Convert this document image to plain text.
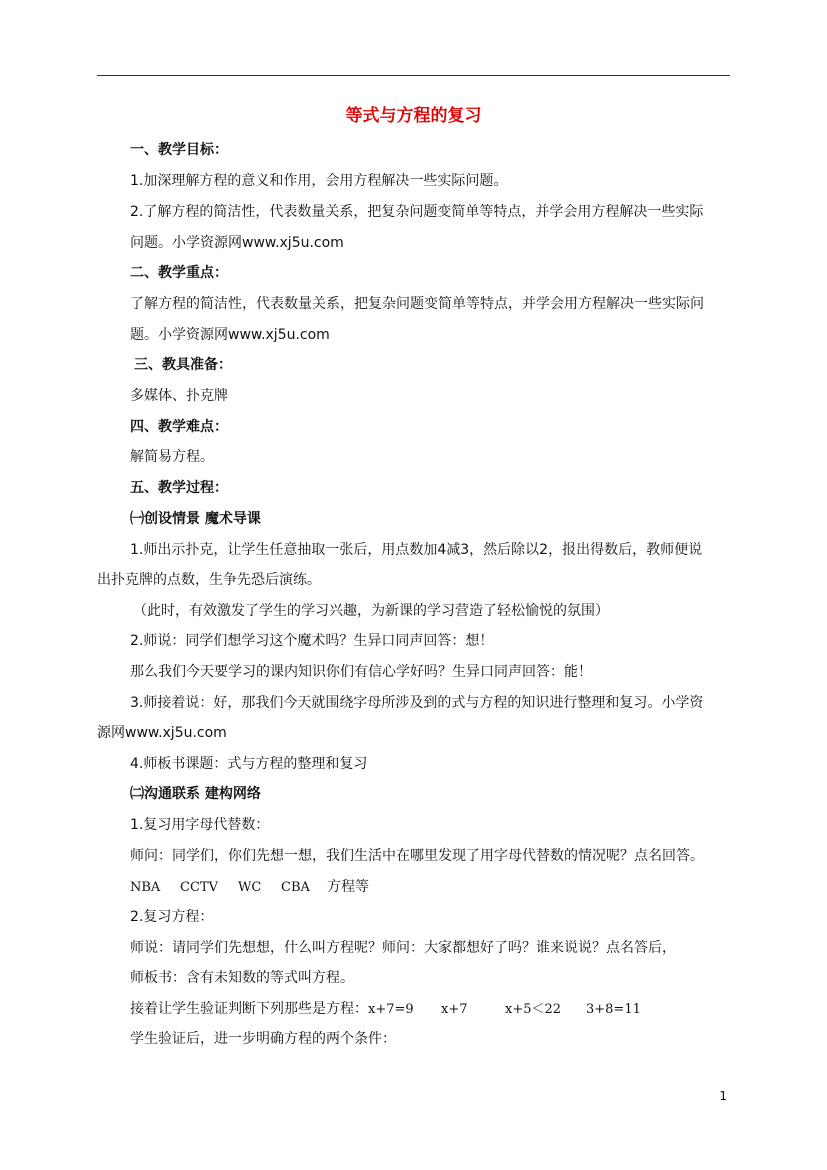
等式与方程的复习
一、教学目标：
1.加深理解方程的意义和作用，会用方程解决一些实际问题。
2.了解方程的简洁性，代表数量关系，把复杂问题变简单等特点，并学会用方程解决一些实际
问题。小学资源网www.xj5u.com
二、教学重点：
了解方程的简洁性，代表数量关系，把复杂问题变简单等特点，并学会用方程解决一些实际问
题。小学资源网www.xj5u.com
三、教具准备：
多媒体、扑克牌
四、教学难点：
解简易方程。
五、教学过程：
㈠创设情景 魔术导课
1.师出示扑克，让学生任意抽取一张后，用点数加4减3，然后除以2，报出得数后，教师便说
出扑克牌的点数，生争先恐后演练。
（此时，有效激发了学生的学习兴趣，为新课的学习营造了轻松愉悦的氛围）
2.师说：同学们想学习这个魔术吗？生异口同声回答：想！
那么我们今天要学习的课内知识你们有信心学好吗？生异口同声回答：能！
3.师接着说：好，那我们今天就围绕字母所涉及到的式与方程的知识进行整理和复习。小学资
源网www.xj5u.com
4.师板书课题：式与方程的整理和复习
㈡沟通联系 建构网络
1.复习用字母代替数：
师问：同学们，你们先想一想，我们生活中在哪里发现了用字母代替数的情况呢？点名回答。
NBA CCTV WC CBA 方程等
2.复习方程：
师说：请同学们先想想，什么叫方程呢？师问：大家都想好了吗？谁来说说？点名答后，
师板书：含有未知数的等式叫方程。
接着让学生验证判断下列那些是方程：x+7=9 x+7	x+5＜22 3+8=11
学生验证后，进一步明确方程的两个条件：
1
